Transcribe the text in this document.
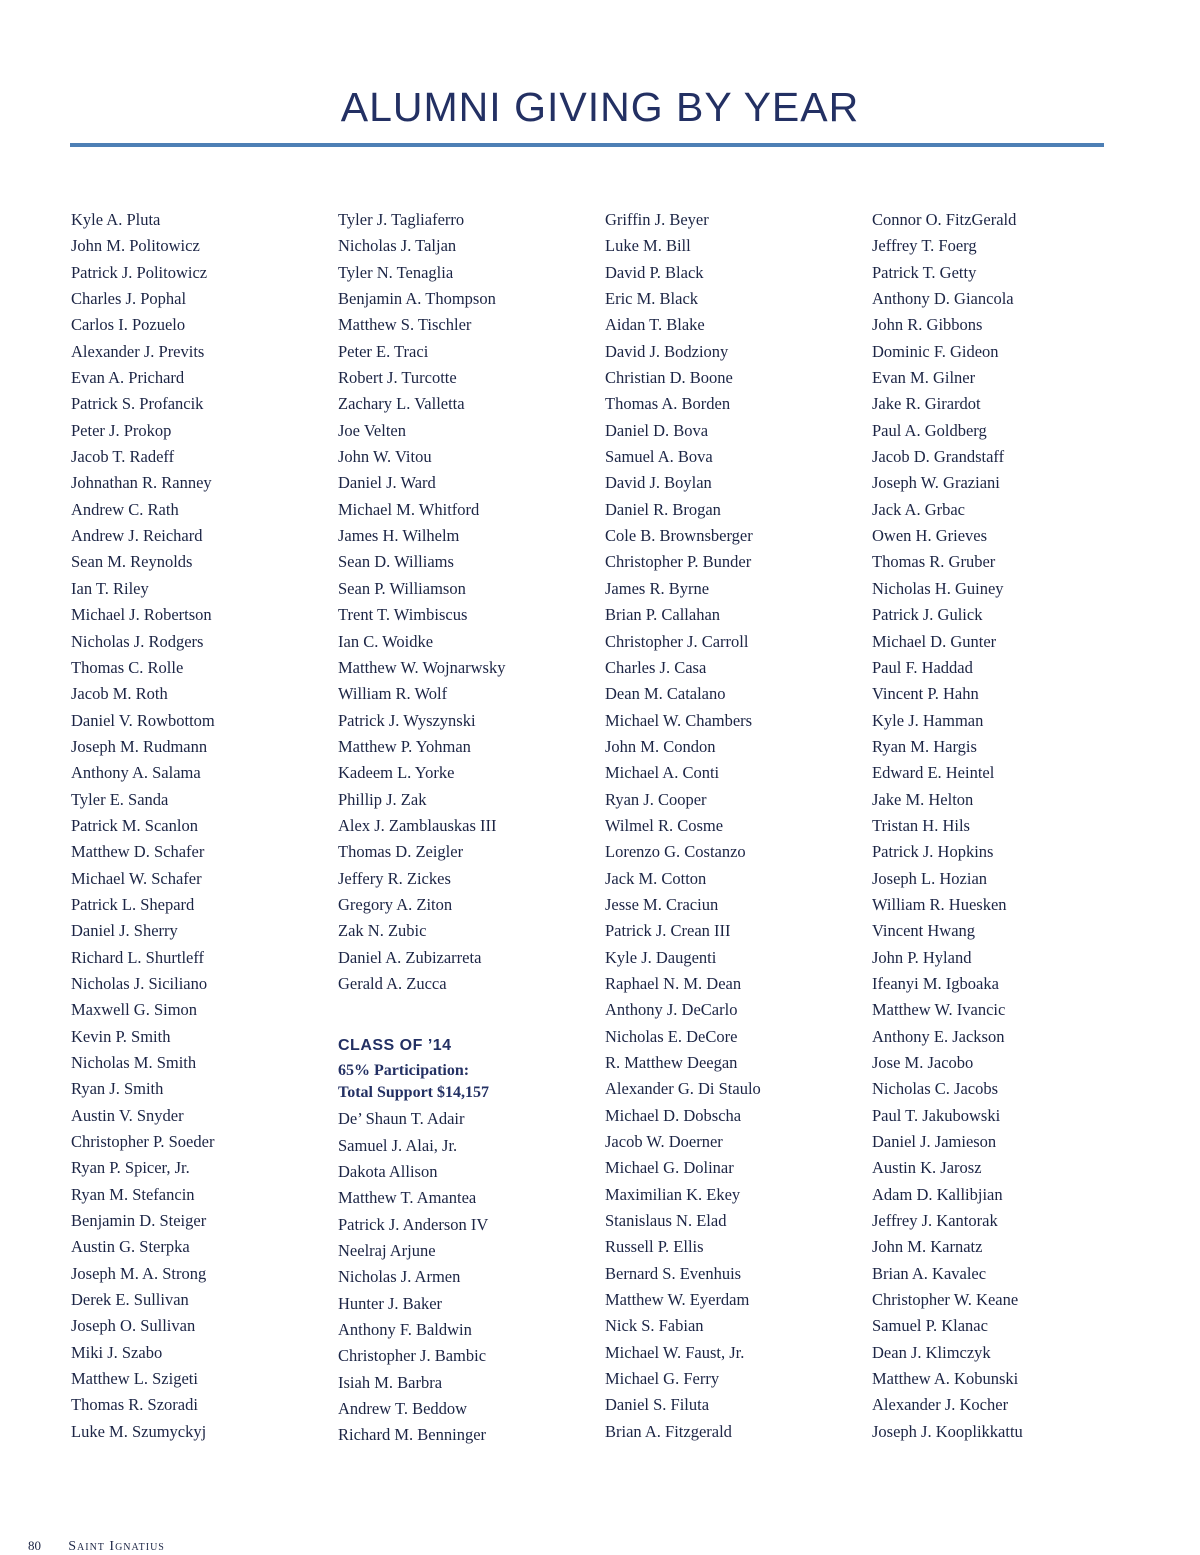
ALUMNI GIVING BY YEAR
Kyle A. Pluta
John M. Politowicz
Patrick J. Politowicz
Charles J. Pophal
Carlos I. Pozuelo
Alexander J. Previts
Evan A. Prichard
Patrick S. Profancik
Peter J. Prokop
Jacob T. Radeff
Johnathan R. Ranney
Andrew C. Rath
Andrew J. Reichard
Sean M. Reynolds
Ian T. Riley
Michael J. Robertson
Nicholas J. Rodgers
Thomas C. Rolle
Jacob M. Roth
Daniel V. Rowbottom
Joseph M. Rudmann
Anthony A. Salama
Tyler E. Sanda
Patrick M. Scanlon
Matthew D. Schafer
Michael W. Schafer
Patrick L. Shepard
Daniel J. Sherry
Richard L. Shurtleff
Nicholas J. Siciliano
Maxwell G. Simon
Kevin P. Smith
Nicholas M. Smith
Ryan J. Smith
Austin V. Snyder
Christopher P. Soeder
Ryan P. Spicer, Jr.
Ryan M. Stefancin
Benjamin D. Steiger
Austin G. Sterpka
Joseph M. A. Strong
Derek E. Sullivan
Joseph O. Sullivan
Miki J. Szabo
Matthew L. Szigeti
Thomas R. Szoradi
Luke M. Szumyckyj
Tyler J. Tagliaferro
Nicholas J. Taljan
Tyler N. Tenaglia
Benjamin A. Thompson
Matthew S. Tischler
Peter E. Traci
Robert J. Turcotte
Zachary L. Valletta
Joe Velten
John W. Vitou
Daniel J. Ward
Michael M. Whitford
James H. Wilhelm
Sean D. Williams
Sean P. Williamson
Trent T. Wimbiscus
Ian C. Woidke
Matthew W. Wojnarwsky
William R. Wolf
Patrick J. Wyszynski
Matthew P. Yohman
Kadeem L. Yorke
Phillip J. Zak
Alex J. Zamblauskas III
Thomas D. Zeigler
Jeffery R. Zickes
Gregory A. Ziton
Zak N. Zubic
Daniel A. Zubizarreta
Gerald A. Zucca
CLASS OF ’14
65% Participation:
Total Support $14,157
De’ Shaun T. Adair
Samuel J. Alai, Jr.
Dakota Allison
Matthew T. Amantea
Patrick J. Anderson IV
Neelraj Arjune
Nicholas J. Armen
Hunter J. Baker
Anthony F. Baldwin
Christopher J. Bambic
Isiah M. Barbra
Andrew T. Beddow
Richard M. Benninger
Griffin J. Beyer
Luke M. Bill
David P. Black
Eric M. Black
Aidan T. Blake
David J. Bodziony
Christian D. Boone
Thomas A. Borden
Daniel D. Bova
Samuel A. Bova
David J. Boylan
Daniel R. Brogan
Cole B. Brownsberger
Christopher P. Bunder
James R. Byrne
Brian P. Callahan
Christopher J. Carroll
Charles J. Casa
Dean M. Catalano
Michael W. Chambers
John M. Condon
Michael A. Conti
Ryan J. Cooper
Wilmel R. Cosme
Lorenzo G. Costanzo
Jack M. Cotton
Jesse M. Craciun
Patrick J. Crean III
Kyle J. Daugenti
Raphael N. M. Dean
Anthony J. DeCarlo
Nicholas E. DeCore
R. Matthew Deegan
Alexander G. Di Staulo
Michael D. Dobscha
Jacob W. Doerner
Michael G. Dolinar
Maximilian K. Ekey
Stanislaus N. Elad
Russell P. Ellis
Bernard S. Evenhuis
Matthew W. Eyerdam
Nick S. Fabian
Michael W. Faust, Jr.
Michael G. Ferry
Daniel S. Filuta
Brian A. Fitzgerald
Connor O. FitzGerald
Jeffrey T. Foerg
Patrick T. Getty
Anthony D. Giancola
John R. Gibbons
Dominic F. Gideon
Evan M. Gilner
Jake R. Girardot
Paul A. Goldberg
Jacob D. Grandstaff
Joseph W. Graziani
Jack A. Grbac
Owen H. Grieves
Thomas R. Gruber
Nicholas H. Guiney
Patrick J. Gulick
Michael D. Gunter
Paul F. Haddad
Vincent P. Hahn
Kyle J. Hamman
Ryan M. Hargis
Edward E. Heintel
Jake M. Helton
Tristan H. Hils
Patrick J. Hopkins
Joseph L. Hozian
William R. Huesken
Vincent Hwang
John P. Hyland
Ifeanyi M. Igboaka
Matthew W. Ivancic
Anthony E. Jackson
Jose M. Jacobo
Nicholas C. Jacobs
Paul T. Jakubowski
Daniel J. Jamieson
Austin K. Jarosz
Adam D. Kallibjian
Jeffrey J. Kantorak
John M. Karnatz
Brian A. Kavalec
Christopher W. Keane
Samuel P. Klanac
Dean J. Klimczyk
Matthew A. Kobunski
Alexander J. Kocher
Joseph J. Kooplikkattu
80 Saint Ignatius
